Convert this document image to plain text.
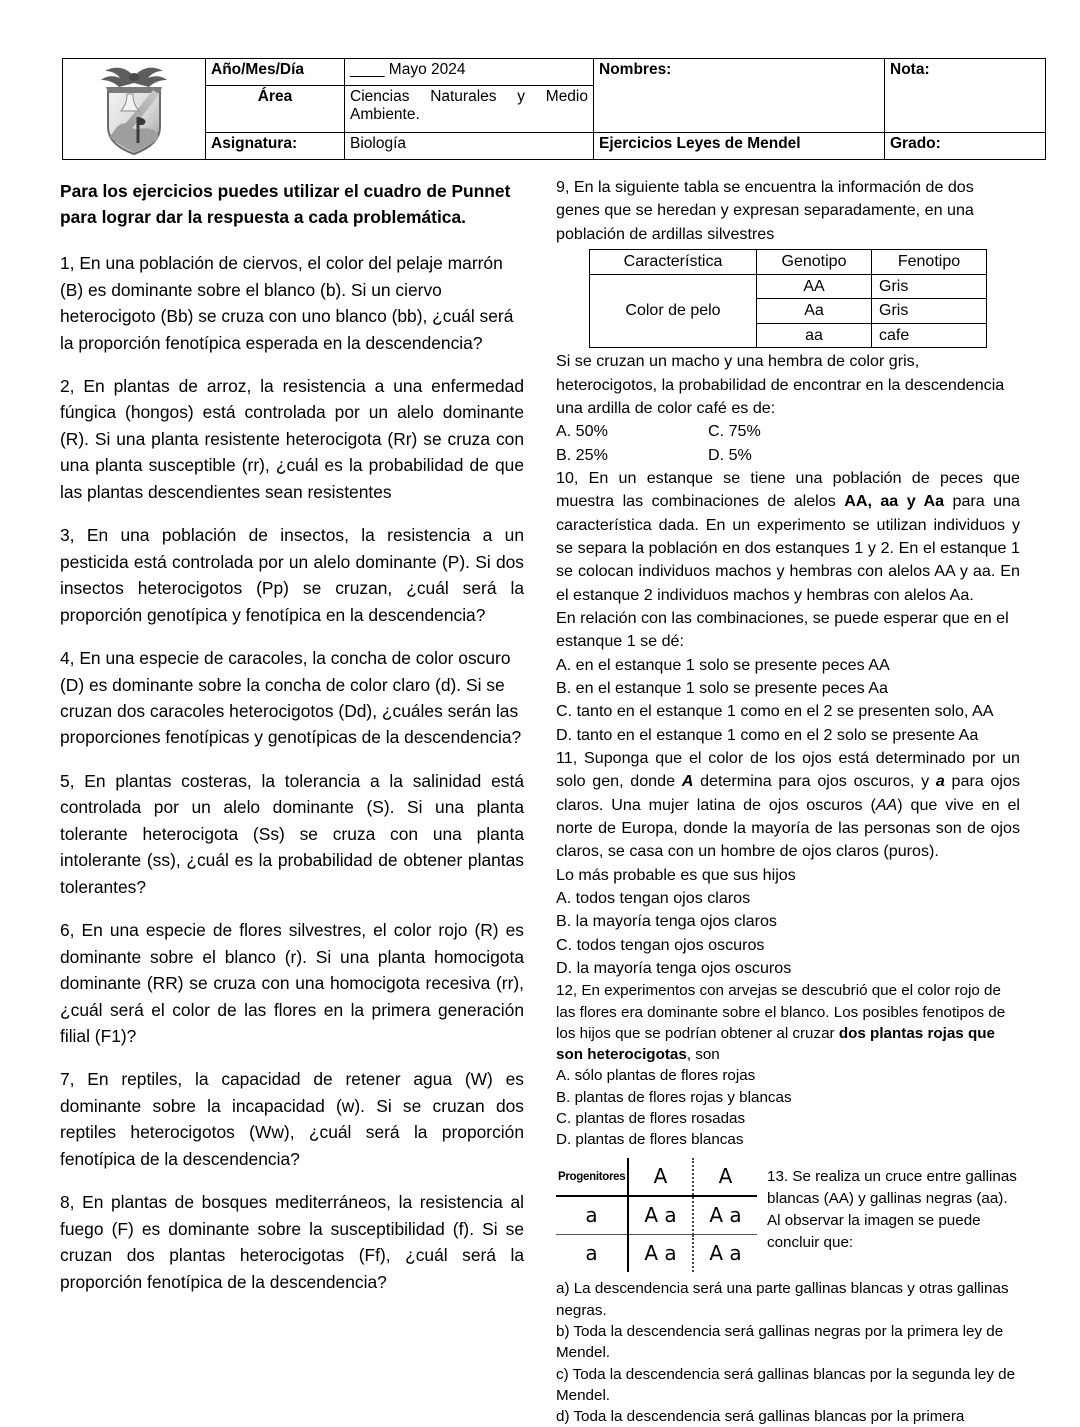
	Año/Mes/Día	____ Mayo 2024	Nombres:	Nota:
	Área	Ciencias Naturales y Medio Ambiente.		
	Asignatura:	Biología	Ejercicios Leyes de Mendel	Grado:

Para los ejercicios puedes utilizar el cuadro de Punnet para lograr dar la respuesta a cada problemática.

1, En una población de ciervos, el color del pelaje marrón (B) es dominante sobre el blanco (b). Si un ciervo heterocigoto (Bb) se cruza con uno blanco (bb), ¿cuál será la proporción fenotípica esperada en la descendencia?

2, En plantas de arroz, la resistencia a una enfermedad fúngica (hongos) está controlada por un alelo dominante (R). Si una planta resistente heterocigota (Rr) se cruza con una planta susceptible (rr), ¿cuál es la probabilidad de que las plantas descendientes sean resistentes

3, En una población de insectos, la resistencia a un pesticida está controlada por un alelo dominante (P). Si dos insectos heterocigotos (Pp) se cruzan, ¿cuál será la proporción genotípica y fenotípica en la descendencia?

4, En una especie de caracoles, la concha de color oscuro (D) es dominante sobre la concha de color claro (d). Si se cruzan dos caracoles heterocigotos (Dd), ¿cuáles serán las proporciones fenotípicas y genotípicas de la descendencia?

5, En plantas costeras, la tolerancia a la salinidad está controlada por un alelo dominante (S). Si una planta tolerante heterocigota (Ss) se cruza con una planta intolerante (ss), ¿cuál es la probabilidad de obtener plantas tolerantes?

6, En una especie de flores silvestres, el color rojo (R) es dominante sobre el blanco (r). Si una planta homocigota dominante (RR) se cruza con una homocigota recesiva (rr), ¿cuál será el color de las flores en la primera generación filial (F1)?

7, En reptiles, la capacidad de retener agua (W) es dominante sobre la incapacidad (w). Si se cruzan dos reptiles heterocigotos (Ww), ¿cuál será la proporción fenotípica de la descendencia?

8, En plantas de bosques mediterráneos, la resistencia al fuego (F) es dominante sobre la susceptibilidad (f). Si se cruzan dos plantas heterocigotas (Ff), ¿cuál será la proporción fenotípica de la descendencia?

9, En la siguiente tabla se encuentra la información de dos genes que se heredan y expresan separadamente, en una población de ardillas silvestres

Característica	Genotipo	Fenotipo
Color de pelo	AA	Gris
	Aa	Gris
	aa	cafe

Si se cruzan un macho y una hembra de color gris, heterocigotos, la probabilidad de encontrar en la descendencia una ardilla de color café es de:

A. 50%	C. 75%
B. 25%	D. 5%

10, En un estanque se tiene una población de peces que muestra las combinaciones de alelos AA, aa y Aa para una característica dada. En un experimento se utilizan individuos y se separa la población en dos estanques 1 y 2. En el estanque 1 se colocan individuos machos y hembras con alelos AA y aa. En el estanque 2 individuos machos y hembras con alelos Aa.

En relación con las combinaciones, se puede esperar que en el estanque 1 se dé:

A. en el estanque 1 solo se presente peces AA

B. en el estanque 1 solo se presente peces Aa

C. tanto en el estanque 1 como en el 2 se presenten solo, AA

D. tanto en el estanque 1 como en el 2 solo se presente Aa

11, Suponga que el color de los ojos está determinado por un solo gen, donde A determina para ojos oscuros, y a para ojos claros. Una mujer latina de ojos oscuros (AA) que vive en el norte de Europa, donde la mayoría de las personas son de ojos claros, se casa con un hombre de ojos claros (puros).

Lo más probable es que sus hijos

A. todos tengan ojos claros

B. la mayoría tenga ojos claros

C. todos tengan ojos oscuros

D. la mayoría tenga ojos oscuros

12, En experimentos con arvejas se descubrió que el color rojo de las flores era dominante sobre el blanco. Los posibles fenotipos de los hijos que se podrían obtener al cruzar dos plantas rojas que son heterocigotas, son

A. sólo plantas de flores rojas

B. plantas de flores rojas y blancas

C. plantas de flores rosadas

D. plantas de flores blancas

Progenitores	A	A
a	A a	A a
a	A a	A a
13. Se realiza un cruce entre gallinas blancas (AA) y gallinas negras (aa). Al observar la imagen se puede concluir que:

a) La descendencia será una parte gallinas blancas y otras gallinas negras.

b) Toda la descendencia será gallinas negras por la primera ley de Mendel.

c) Toda la descendencia será gallinas blancas por la segunda ley de Mendel.

d) Toda la descendencia será gallinas blancas por la primera
